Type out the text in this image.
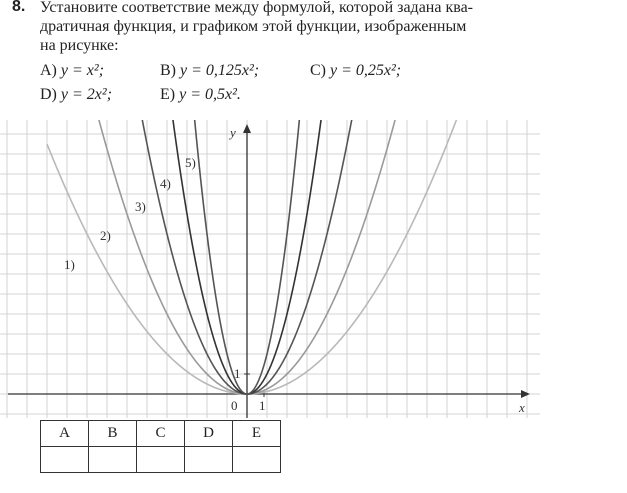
8. Установите соответствие между формулой, которой задана ква-
дратичная функция, и графиком этой функции, изображенным
на рисунке:
A) y = x²;	B) y = 0,125x²;	C) y = 0,25x²;
D) y = 2x²;	E) y = 0,5x².
x
y
0 1
1
1)
2)
3)
4)
5)
A	B	C	D	E
